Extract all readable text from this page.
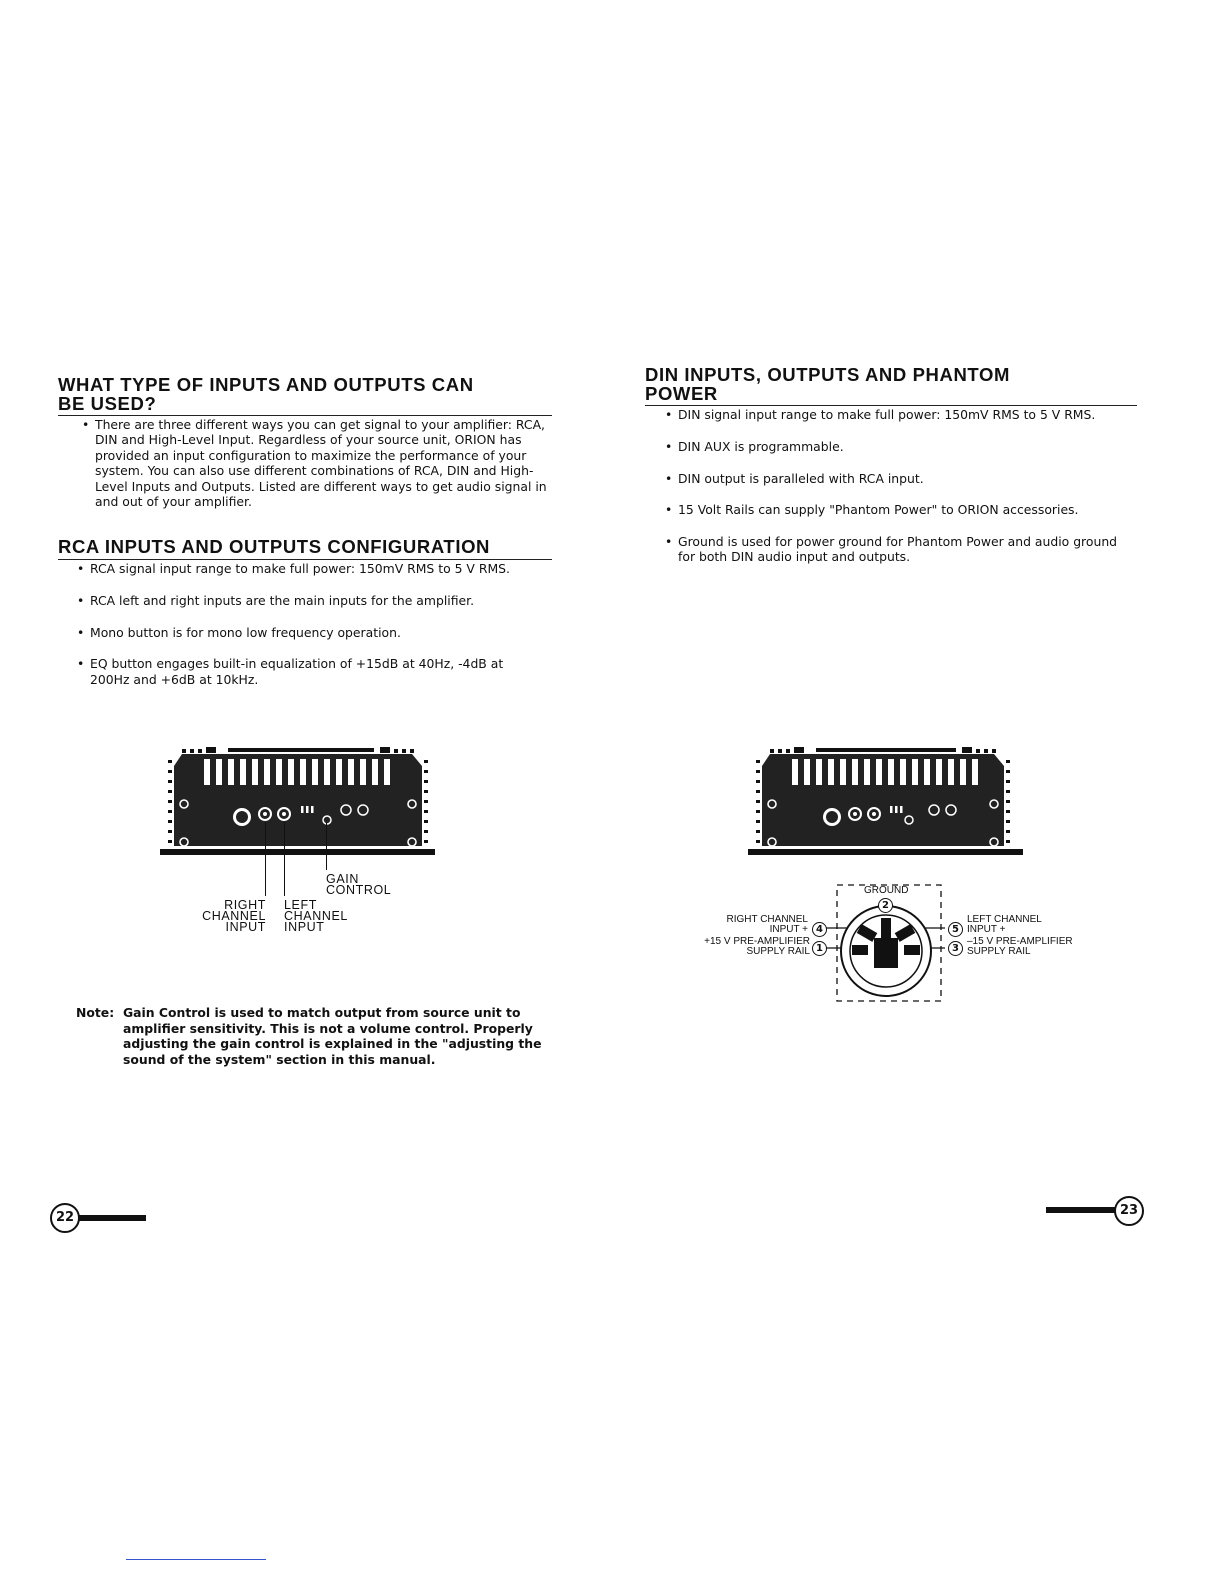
WHAT TYPE OF INPUTS AND OUTPUTS CAN
BE USED?
• There are three different ways you can get signal to your amplifier: RCA, DIN and High-Level Input. Regardless of your source unit, ORION has provided an input configuration to maximize the performance of your system. You can also use different combinations of RCA, DIN and High-Level Inputs and Outputs. Listed are different ways to get audio signal in and out of your amplifier.
RCA INPUTS AND OUTPUTS CONFIGURATION
• RCA signal input range to make full power: 150mV RMS to 5 V RMS.
• RCA left and right inputs are the main inputs for the amplifier.
• Mono button is for mono low frequency operation.
• EQ button engages built-in equalization of +15dB at 40Hz, -4dB at 200Hz and +6dB at 10kHz.
GAIN
CONTROL
RIGHT
CHANNEL
INPUT
LEFT
CHANNEL
INPUT
Note: Gain Control is used to match output from source unit to amplifier sensitivity. This is not a volume control. Properly adjusting the gain control is explained in the "adjusting the sound of the system" section in this manual.
22
DIN INPUTS, OUTPUTS AND PHANTOM
POWER
• DIN signal input range to make full power: 150mV RMS to 5 V RMS.
• DIN AUX is programmable.
• DIN output is paralleled with RCA input.
• 15 Volt Rails can supply "Phantom Power" to ORION accessories.
• Ground is used for power ground for Phantom Power and audio ground for both DIN audio input and outputs.
2
4
1
5
3
GROUND
RIGHT CHANNEL
INPUT +
+15 V PRE-AMPLIFIER
SUPPLY RAIL
LEFT CHANNEL
INPUT +
–15 V PRE-AMPLIFIER
SUPPLY RAIL
23
